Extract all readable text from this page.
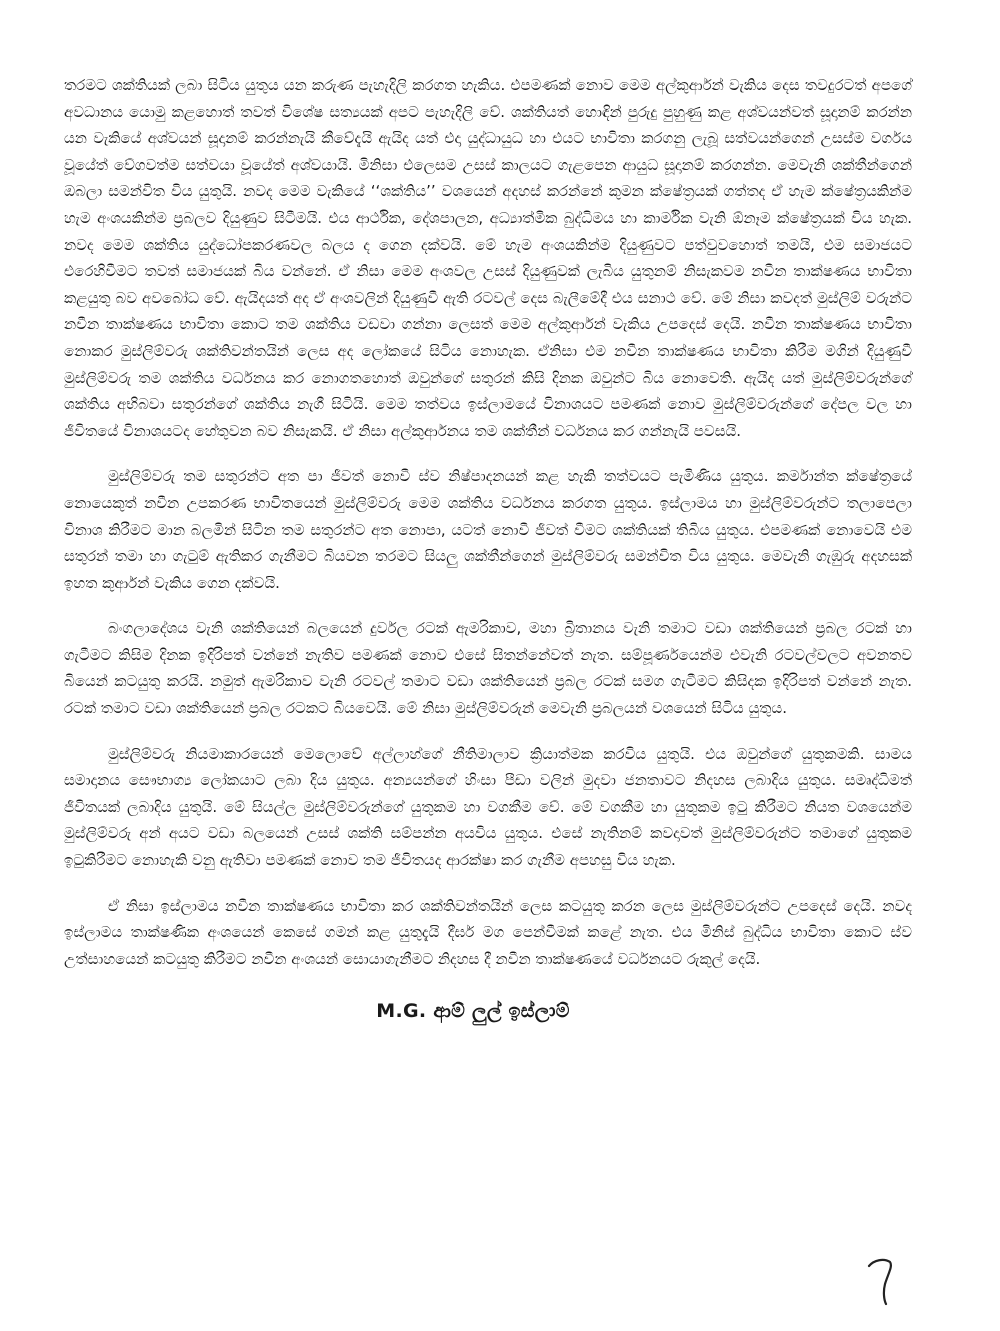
තරමට ශක්තියක් ලබා සිටිය යුතුය යන කරුණ පැහැදිලි කරගත හැකිය. එපමණක් නොව මෙම අල්කුර්ආන් වැකිය දෙස තවදුරටත් අපගේ අවධානය යොමු කළහොත් තවත් විශේෂ සත්‍යයක් අපට පැහැදිලි වේ. ශක්තියත් හොඳින් පුරුදු පුහුණු කළ අශ්වයන්වත් සූදානම් කරන්න යන වැකියේ අශ්වයන් සූදානම් කරන්නැයි කීවේදැයි ඇයිද යත් එදා යුද්ධායුධ හා එයට භාවිතා කරගනු ලැබූ සත්වයන්ගෙන් උසස්ම වර්ගය වූයේත් වේගවත්ම සත්වයා වූයේත් අශ්වයායි. මිනිසා එලෙසම උසස් කාලයට ගැළපෙන ආයුධ සූදානම් කරගන්න. මෙවැනි ශක්තීන්ගෙන් ඔබලා සමන්විත විය යුතුයි. නවද මෙම වැකියේ ‘‘ශක්තිය’’ වශයෙන් අදහස් කරන්නේ කුමන ක්ෂේත්‍රයක් ගත්තද ඒ හැම ක්ෂේත්‍රයකින්ම හැම අංශයකින්ම ප්‍රබලව දියුණුව සිටීමයි. එය ආර්ථික, දේශපාලන, අධ්‍යාත්මික බුද්ධිමය හා කාර්මික වැනි ඕනෑම ක්ෂේත්‍රයක් විය හැක. නවද මෙම ශක්තිය යුද්ධෝපකරණවල බලය ද ගෙන දක්වයි. මේ හැම අංශයකින්ම දියුණුවට පත්වුවහොත් තමයි, එම සමාජයට එරෙහිවීමට තවත් සමාජයක් බිය වන්නේ. ඒ නිසා මෙම අංශවල උසස් දියුණුවක් ලැබිය යුතුනම් නිසැකවම නවීන තාක්ෂණය භාවිතා කළයුතු බව අවබෝධ වේ. ඇයිදයත් අද ඒ අංශවලින් දියුණුවී ඇති රටවල් දෙස බැලීමේදී එය සනාථ වේ. මේ නිසා කවදත් මුස්ලිම් වරුන්ට නවීන තාක්ෂණය භාවිතා කොට තම ශක්තිය වඩවා ගන්නා ලෙසත් මෙම අල්කුර්ආන් වැකිය උපදෙස් දෙයි. නවීන තාක්ෂණය භාවිතා නොකර මුස්ලිම්වරු ශක්තිවන්තයින් ලෙස අද ලෝකයේ සිටිය නොහැක. ඒනිසා එම නවීන තාක්ෂණය භාවිතා කිරීම මගින් දියුණුවී මුස්ලිම්වරු තම ශක්තිය වර්ධනය කර නොගතහොත් ඔවුන්ගේ සතුරන් කිසි දිනක ඔවුන්ට බිය නොවෙති. ඇයිද යත් මුස්ලිම්වරුන්ගේ ශක්තිය අභිබවා සතුරන්ගේ ශක්තිය නැගී සිටියි. මෙම තත්වය ඉස්ලාමයේ විනාශයට පමණක් නොව මුස්ලිම්වරුන්ගේ දේපල වල හා ජීවිතයේ විනාශයටද හේතුවන බව නිසැකයි. ඒ නිසා අල්කුර්ආනය තම ශක්තීන් වර්ධනය කර ගන්නැයි පවසයි.

මුස්ලිම්වරු තම සතුරන්ට අත පා ජීවත් නොවී ස්ව නිෂ්පාදනයන් කළ හැකි තත්වයට පැමිණිය යුතුය. කර්මාන්ත ක්ෂේත්‍රයේ නොයෙකුත් නවීන උපකරණ භාවිතයෙන් මුස්ලිම්වරු මෙම ශක්තිය වර්ධනය කරගත යුතුය. ඉස්ලාමය හා මුස්ලිම්වරුන්ට තලාපෙලා විනාශ කිරීමට මාන බලමින් සිටින තම සතුරන්ට අත නොපා, යටත් නොවී ජීවත් වීමට ශක්තියක් තිබිය යුතුය. එපමණක් නොවෙයි එම සතුරන් තමා හා ගැටුම් ඇතිකර ගැනීමට බියවන තරමට සියලු ශක්තීන්ගෙන් මුස්ලිම්වරු සමන්විත විය යුතුය. මෙවැනි ගැඹුරු අදහසක් ඉහත කුර්ආන් වැකිය ගෙන දක්වයි.

බංගලාදේශය වැනි ශක්තියෙන් බලයෙන් දුර්වල රටක් ඇමරිකාව, මහා බ්‍රිතානය වැනි තමාට වඩා ශක්තියෙන් ප්‍රබල රටක් හා ගැටීමට කිසිම දිනක ඉදිරිපත් වන්නේ නැතිව පමණක් නොව එසේ සිතන්නේවත් නැත. සම්පූර්ණයෙන්ම එවැනි රටවල්වලට අවනතව බියෙන් කටයුතු කරයි. නමුත් ඇමරිකාව වැනි රටවල් තමාට වඩා ශක්තියෙන් ප්‍රබල රටක් සමග ගැටීමට කිසිදක ඉදිරිපත් වන්නේ නැත. රටක් තමාට වඩා ශක්තියෙන් ප්‍රබල රටකට බියවෙයි. මේ නිසා මුස්ලිම්වරුන් මෙවැනි ප්‍රබලයන් වශයෙන් සිටිය යුතුය.

මුස්ලිම්වරු නියමාකාරයෙන් මෙලොවේ අල්ලාහ්ගේ නීතිමාලාව ක්‍රියාත්මක කරවිය යුතුයි. එය ඔවුන්ගේ යුතුකමකි. සාමය සමාදානය සෞභාග්‍ය ලෝකයාට ලබා දිය යුතුය. අන්‍යයන්ගේ හිංසා පීඩා වලින් මුදවා ජනතාවට නිදහස ලබාදිය යුතුය. සමෘද්ධිමත් ජීවිතයක් ලබාදිය යුතුයි. මේ සියල්ල මුස්ලිම්වරුන්ගේ යුතුකම හා වගකීම වේ. මේ වගකීම හා යුතුකම ඉටු කිරීමට නියත වශයෙන්ම මුස්ලිම්වරු අන් අයට වඩා බලයෙන් උසස් ශක්ති සම්පන්න අයවිය යුතුය. එසේ නැතිනම් කවදාවත් මුස්ලිම්වරුන්ට තමාගේ යුතුකම ඉටුකිරීමට නොහැකි වනු ඇතිවා පමණක් නොව තම ජීවිතයද ආරක්ෂා කර ගැනීම අපහසු විය හැක.

ඒ නිසා ඉස්ලාමය නවීන තාක්ෂණය භාවිතා කර ශක්තිවන්තයින් ලෙස කටයුතු කරන ලෙස මුස්ලිම්වරුන්ට උපදෙස් දෙයි. නවද ඉස්ලාමය තාක්ෂණික අංශයෙන් කෙසේ ගමන් කළ යුතුදැයි දීර්ඝ මග පෙන්වීමක් කළේ නැත. එය මිනිස් බුද්ධිය භාවිතා කොට ස්ව උත්සාහයෙන් කටයුතු කිරීමට නවීන අංශයන් සොයාගැනීමට නිදහස දී නවීන තාක්ෂණයේ වර්ධනයට රුකුල් දෙයි.

M.G. ආම් ලුල් ඉස්ලාම්
